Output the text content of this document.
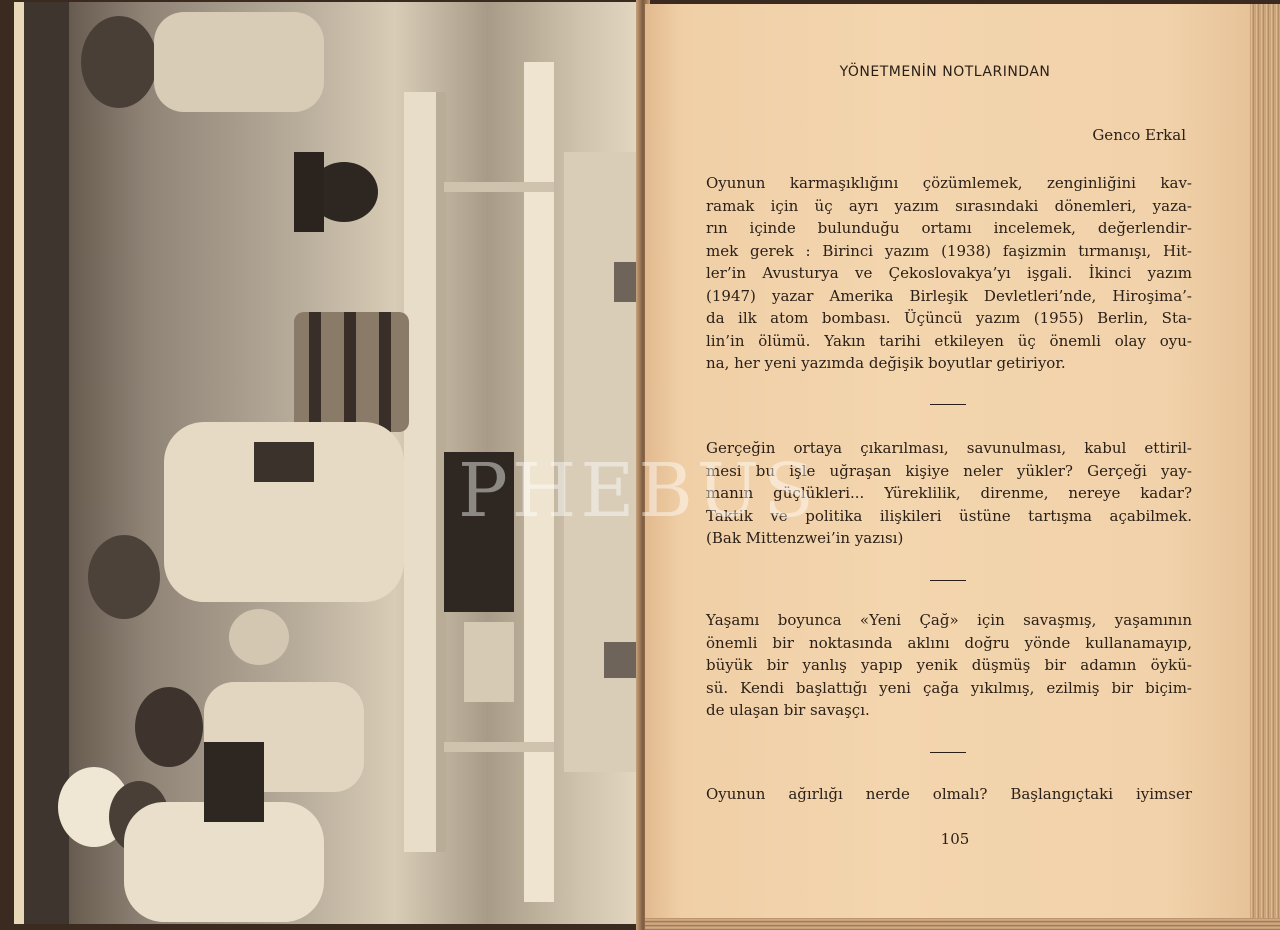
YÖNETMENİN NOTLARINDAN
Genco Erkal
Oyunun karmaşıklığını çözümlemek, zenginliğini kav-
ramak için üç ayrı yazım sırasındaki dönemleri, yaza-
rın içinde bulunduğu ortamı incelemek, değerlendir-
mek gerek : Birinci yazım (1938) faşizmin tırmanışı, Hit-
ler’in Avusturya ve Çekoslovakya’yı işgali. İkinci yazım
(1947) yazar Amerika Birleşik Devletleri’nde, Hiroşima’-
da ilk atom bombası. Üçüncü yazım (1955) Berlin, Sta-
lin’in ölümü. Yakın tarihi etkileyen üç önemli olay oyu-
na, her yeni yazımda değişik boyutlar getiriyor.
Gerçeğin ortaya çıkarılması, savunulması, kabul ettiril-
mesi bu işle uğraşan kişiye neler yükler? Gerçeği yay-
manın güçlükleri... Yüreklilik, direnme, nereye kadar?
Taktik ve politika ilişkileri üstüne tartışma açabilmek.
(Bak Mittenzwei’in yazısı)
Yaşamı boyunca «Yeni Çağ» için savaşmış, yaşamının
önemli bir noktasında aklını doğru yönde kullanamayıp,
büyük bir yanlış yapıp yenik düşmüş bir adamın öykü-
sü. Kendi başlattığı yeni çağa yıkılmış, ezilmiş bir biçim-
de ulaşan bir savaşçı.
Oyunun ağırlığı nerde olmalı? Başlangıçtaki iyimser
105
PHEBUS
